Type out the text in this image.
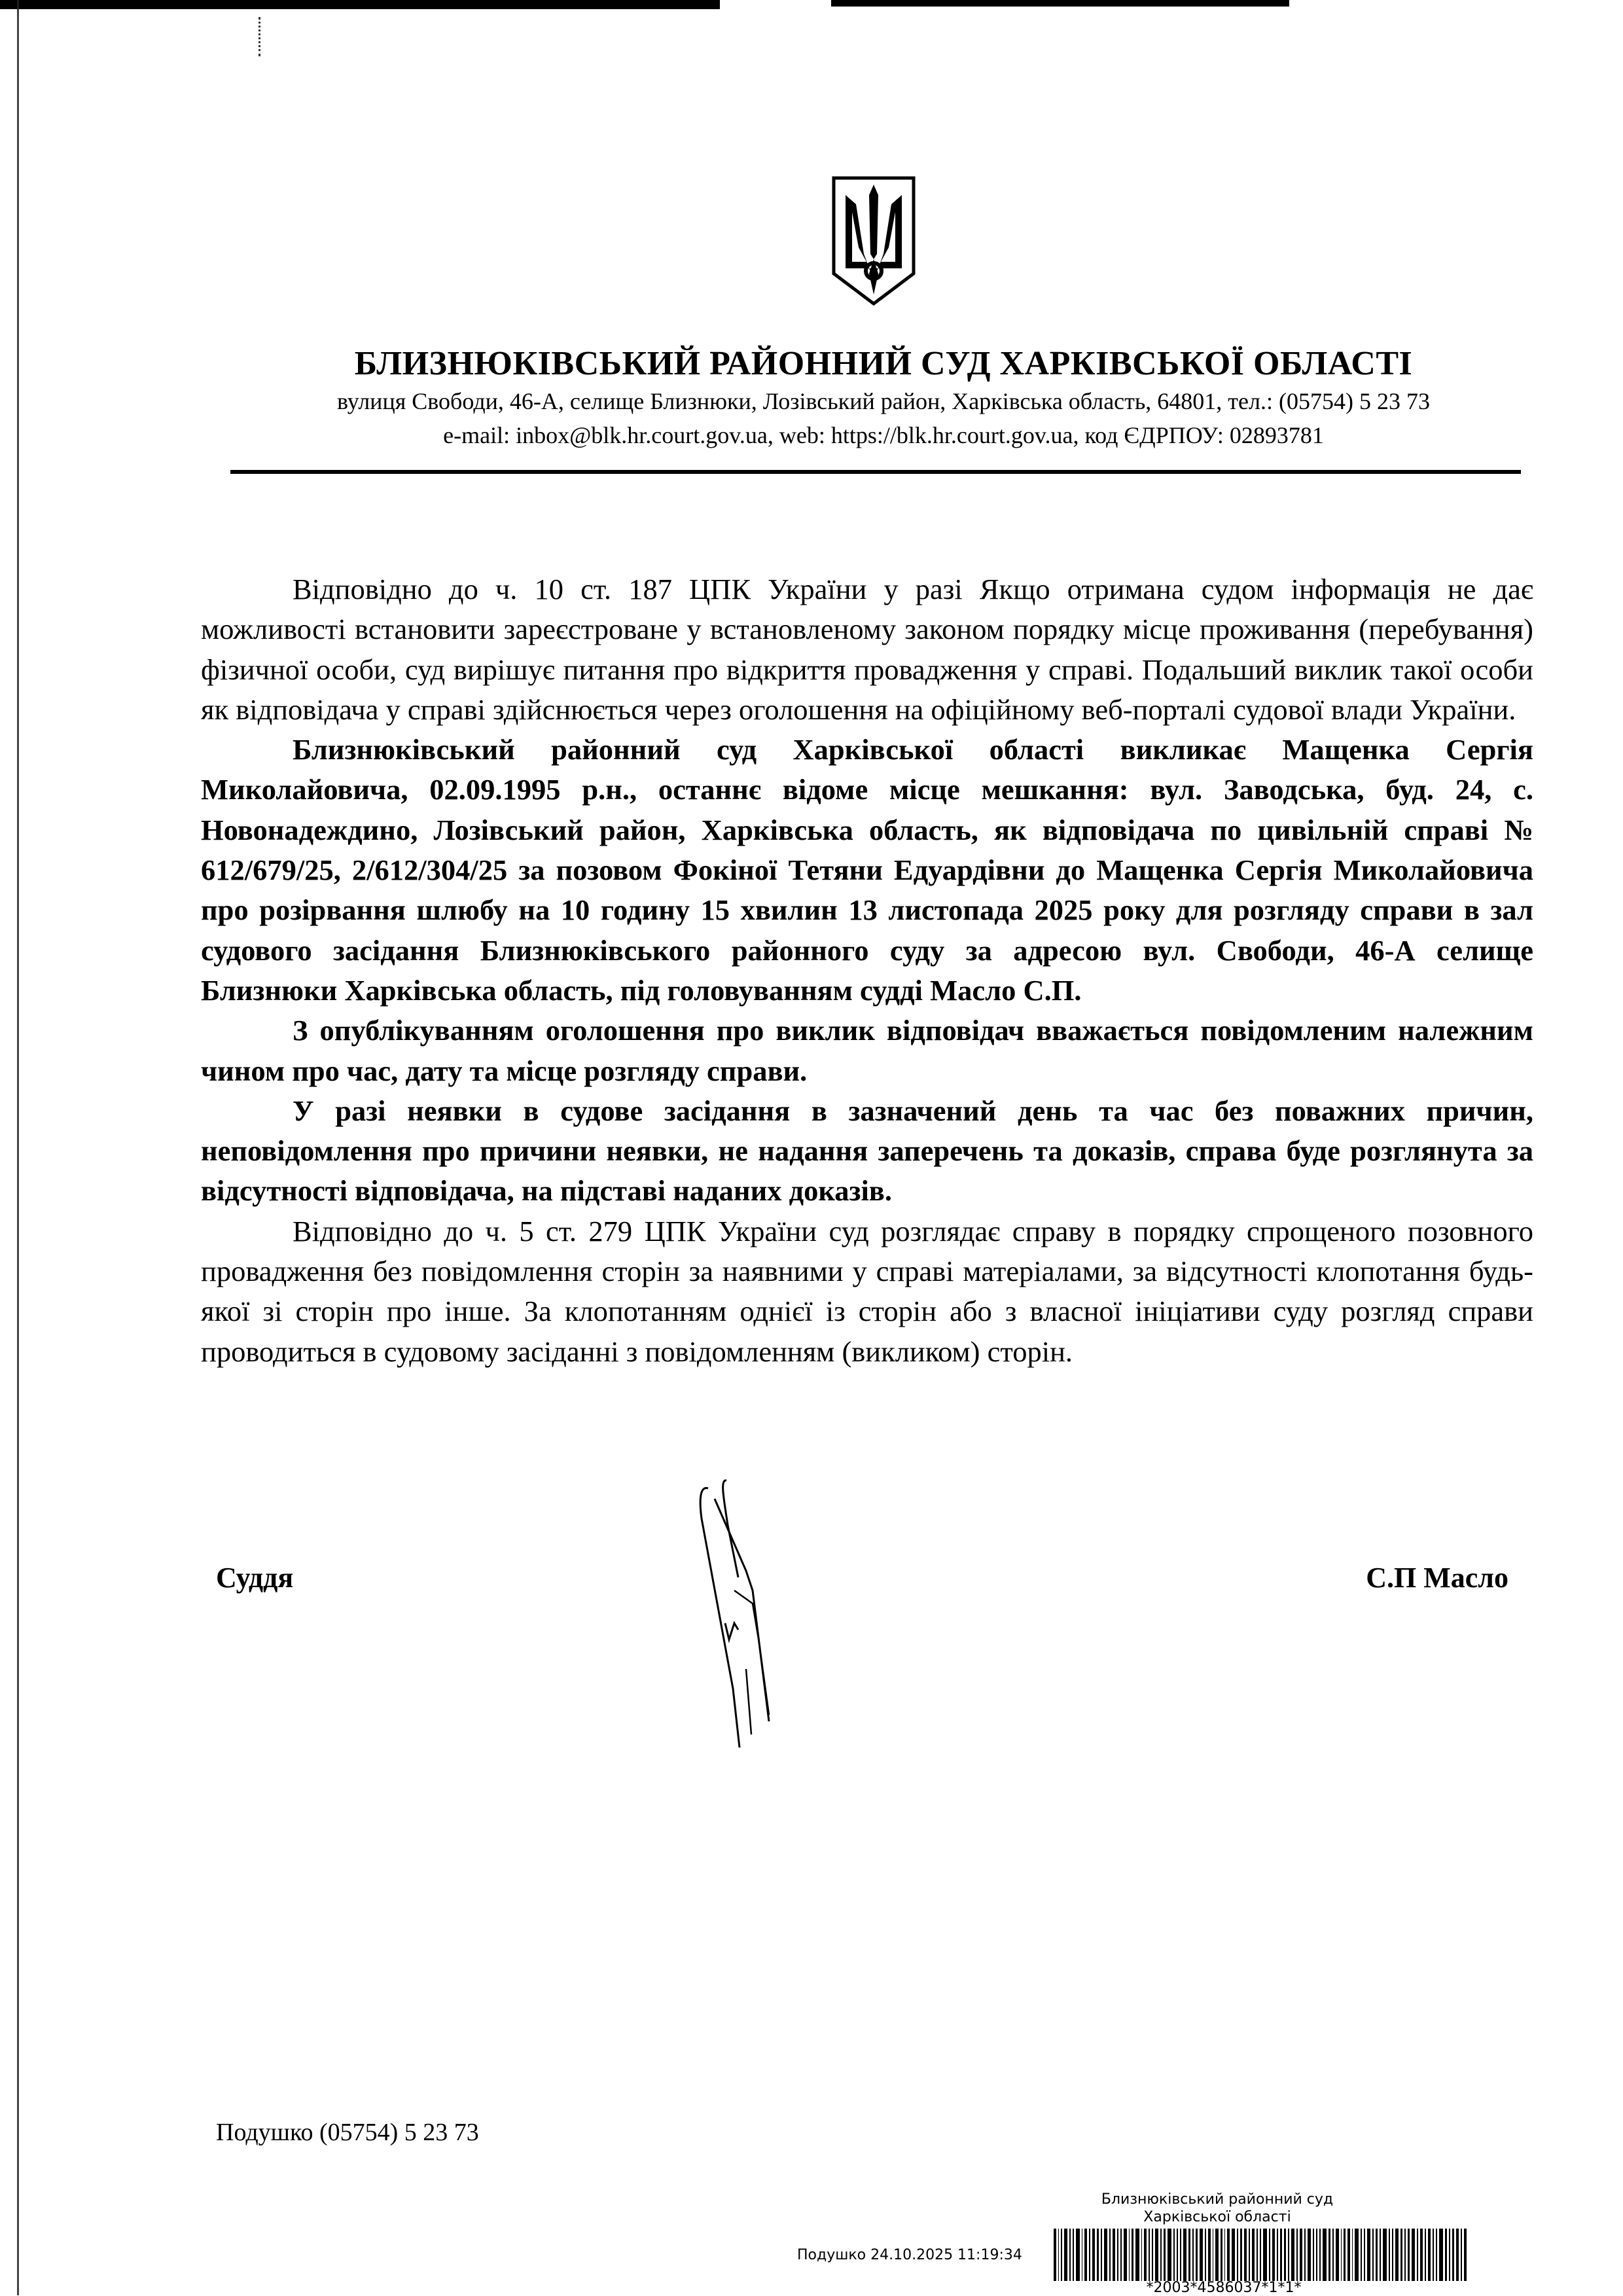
БЛИЗНЮКІВСЬКИЙ РАЙОННИЙ СУД ХАРКІВСЬКОЇ ОБЛАСТІ
вулиця Свободи, 46-А, селище Близнюки, Лозівський район, Харківська область, 64801, тел.: (05754) 5 23 73
e-mail: inbox@blk.hr.court.gov.ua, web: https://blk.hr.court.gov.ua, код ЄДРПОУ: 02893781

Відповідно до ч. 10 ст. 187 ЦПК України у разі Якщо отримана судом інформація не дає можливості встановити зареєстроване у встановленому законом порядку місце проживання (перебування) фізичної особи, суд вирішує питання про відкриття провадження у справі. Подальший виклик такої особи як відповідача у справі здійснюється через оголошення на офіційному веб-порталі судової влади України.

Близнюківський районний суд Харківської області викликає Мащенка Сергія Миколайовича, 02.09.1995 р.н., останнє відоме місце мешкання: вул. Заводська, буд. 24, с. Новонадеждино, Лозівський район, Харківська область, як відповідача по цивільній справі № 612/679/25, 2/612/304/25 за позовом Фокіної Тетяни Едуардівни до Мащенка Сергія Миколайовича про розірвання шлюбу на 10 годину 15 хвилин 13 листопада 2025 року для розгляду справи в зал судового засідання Близнюківського районного суду за адресою вул. Свободи, 46-А селище Близнюки Харківська область, під головуванням судді Масло С.П.

З опублікуванням оголошення про виклик відповідач вважається повідомленим належним чином про час, дату та місце розгляду справи.

У разі неявки в судове засідання в зазначений день та час без поважних причин, неповідомлення про причини неявки, не надання заперечень та доказів, справа буде розглянута за відсутності відповідача, на підставі наданих доказів.

Відповідно до ч. 5 ст. 279 ЦПК України суд розглядає справу в порядку спрощеного позовного провадження без повідомлення сторін за наявними у справі матеріалами, за відсутності клопотання будь-якої зі сторін про інше. За клопотанням однієї із сторін або з власної ініціативи суду розгляд справи проводиться в судовому засіданні з повідомленням (викликом) сторін.

Суддя	С.П Масло
Подушко (05754) 5 23 73
Близнюківський районний суд
Харківської області
Подушко 24.10.2025 11:19:34
*2003*4586037*1*1*
